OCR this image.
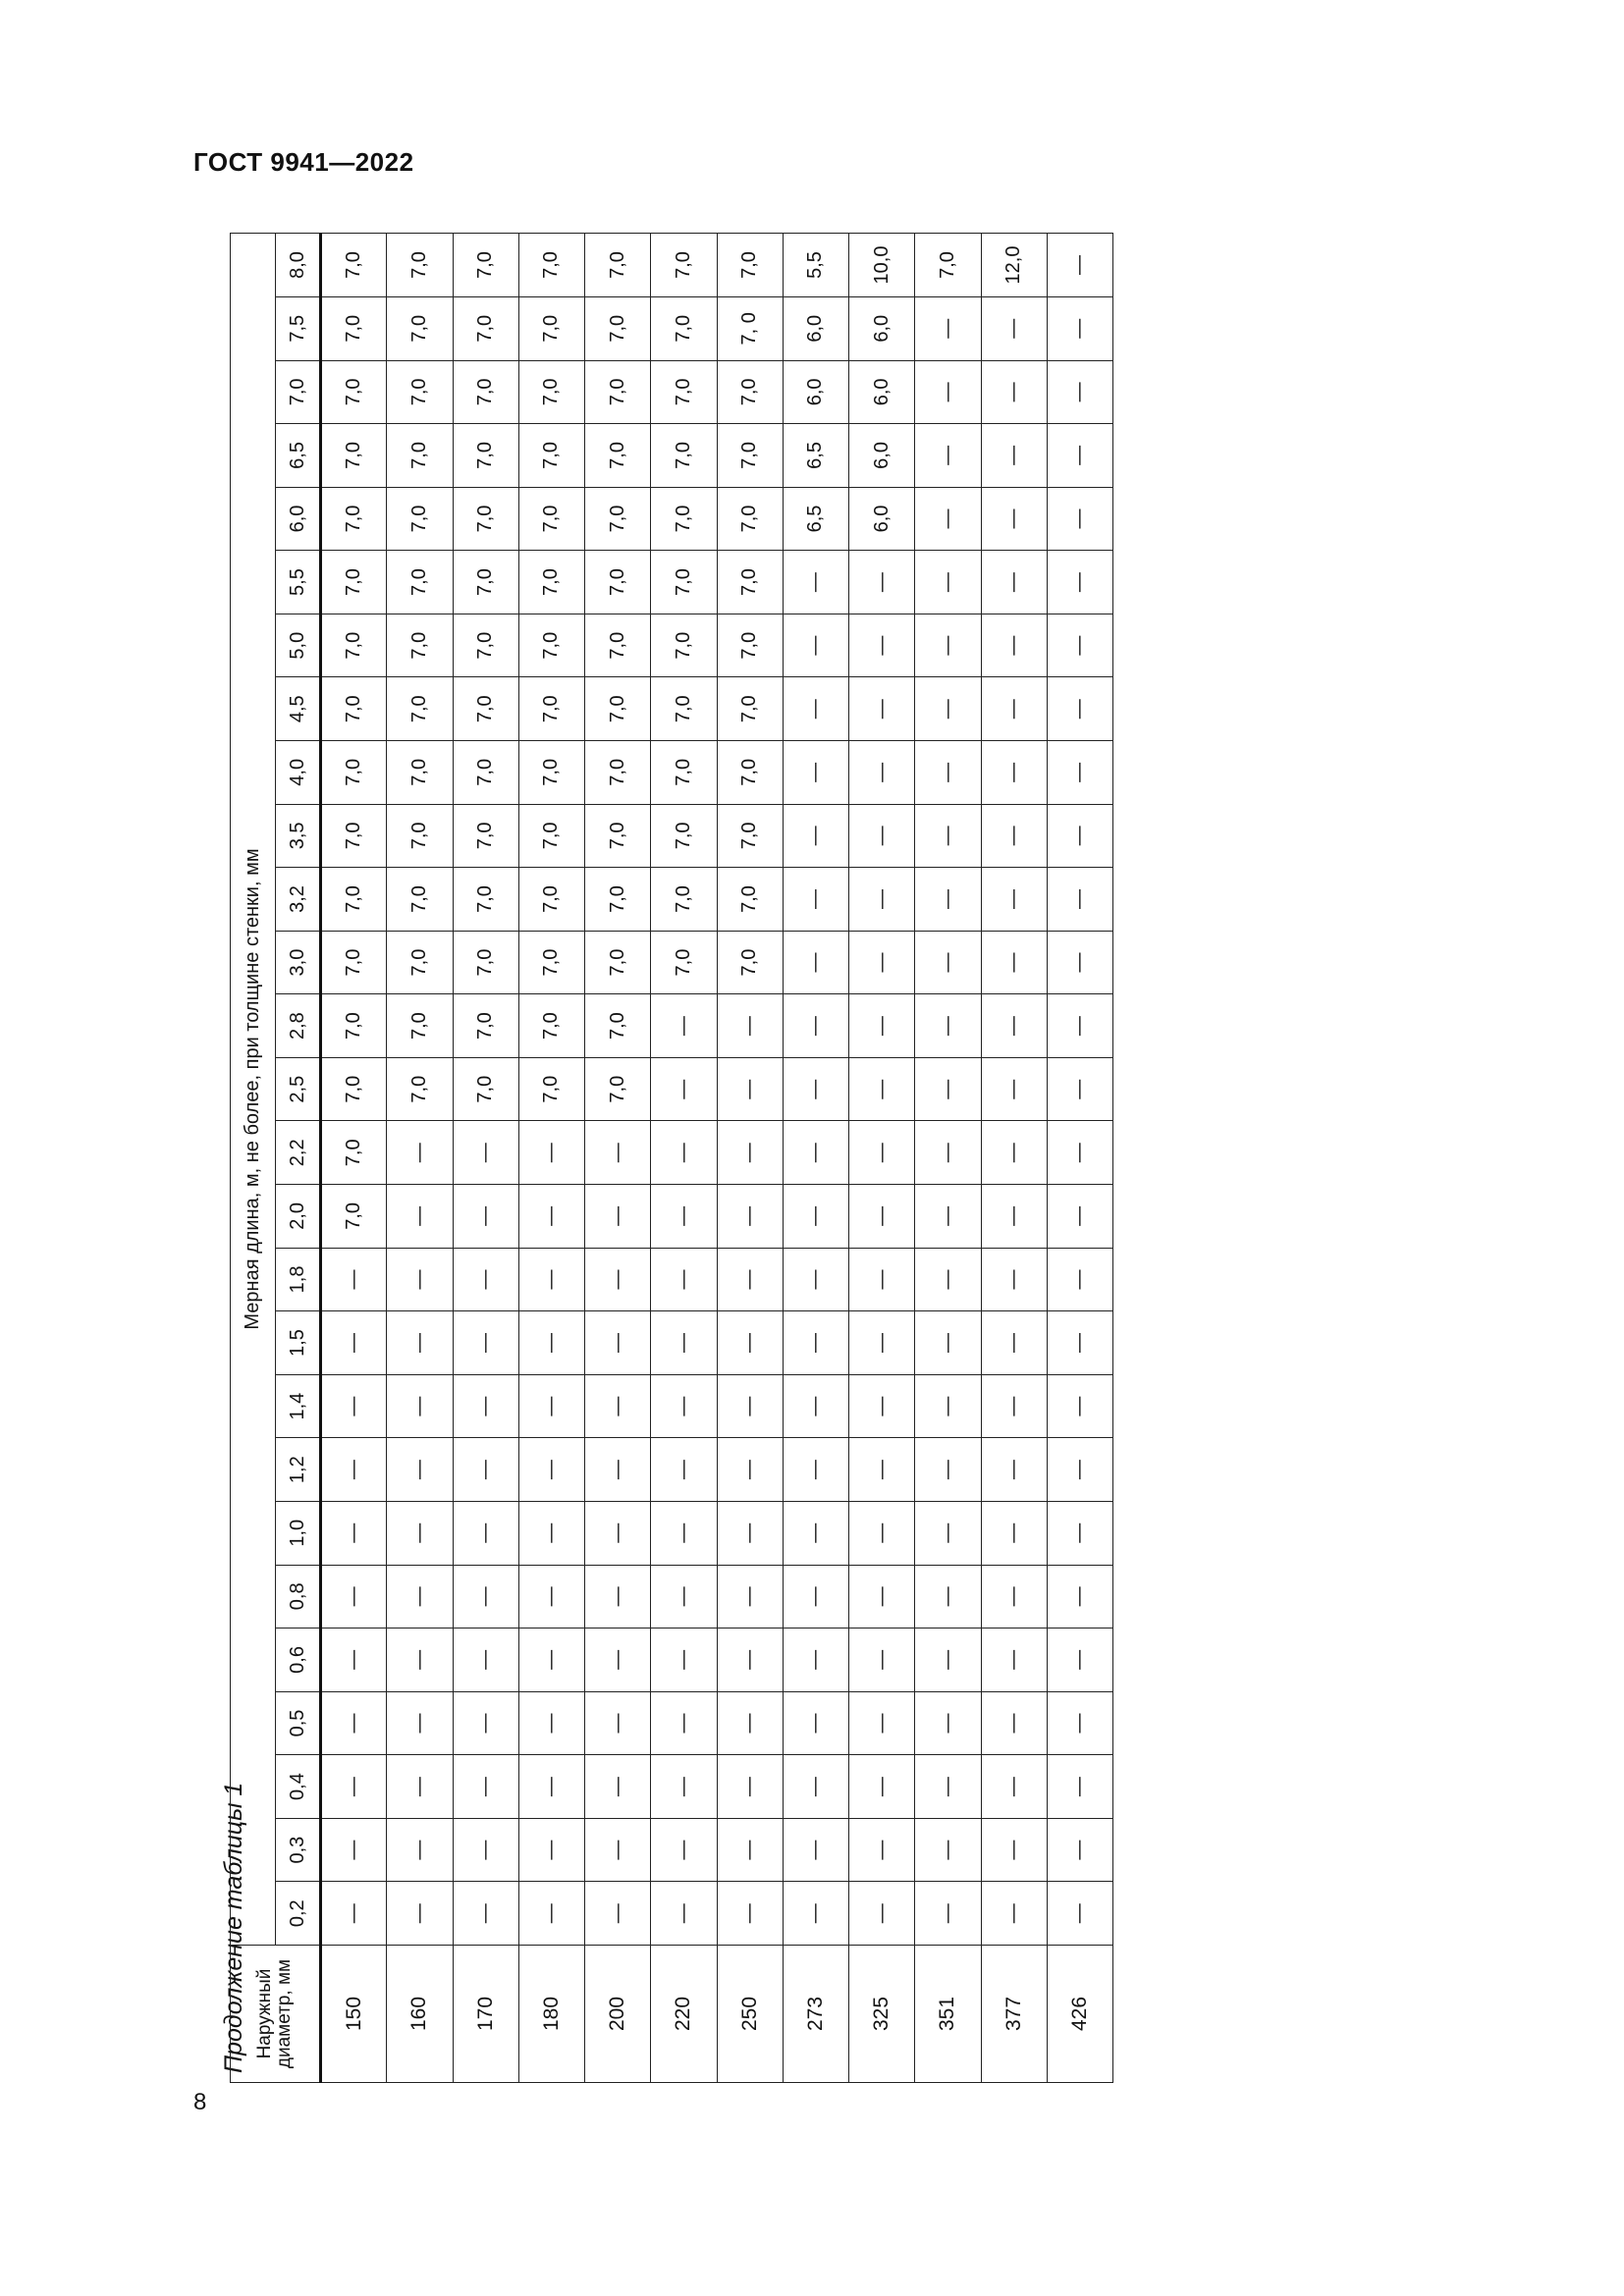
ГОСТ 9941—2022
Продолжение таблицы 1 Наружный диаметр, мм	Мерная длина, м, не более, при толщине стенки, мм																										
	0,2	0,3	0,4	0,5	0,6	0,8	1,0	1,2	1,4	1,5	1,8	2,0	2,2	2,5	2,8	3,0	3,2	3,5	4,0	4,5	5,0	5,5	6,0	6,5	7,0	7,5	8,0
150	—	—	—	—	—	—	—	—	—	—	—	7,0	7,0	7,0	7,0	7,0	7,0	7,0	7,0	7,0	7,0	7,0	7,0	7,0	7,0	7,0	7,0
160	—	—	—	—	—	—	—	—	—	—	—	—	—	7,0	7,0	7,0	7,0	7,0	7,0	7,0	7,0	7,0	7,0	7,0	7,0	7,0	7,0
170	—	—	—	—	—	—	—	—	—	—	—	—	—	7,0	7,0	7,0	7,0	7,0	7,0	7,0	7,0	7,0	7,0	7,0	7,0	7,0	7,0
180	—	—	—	—	—	—	—	—	—	—	—	—	—	7,0	7,0	7,0	7,0	7,0	7,0	7,0	7,0	7,0	7,0	7,0	7,0	7,0	7,0
200	—	—	—	—	—	—	—	—	—	—	—	—	—	7,0	7,0	7,0	7,0	7,0	7,0	7,0	7,0	7,0	7,0	7,0	7,0	7,0	7,0
220	—	—	—	—	—	—	—	—	—	—	—	—	—	—	—	7,0	7,0	7,0	7,0	7,0	7,0	7,0	7,0	7,0	7,0	7,0	7,0
250	—	—	—	—	—	—	—	—	—	—	—	—	—	—	—	7,0	7,0	7,0	7,0	7,0	7,0	7,0	7,0	7,0	7,0	7, 0	7,0
273	—	—	—	—	—	—	—	—	—	—	—	—	—	—	—	—	—	—	—	—	—	—	6,5	6,5	6,0	6,0	5,5
325	—	—	—	—	—	—	—	—	—	—	—	—	—	—	—	—	—	—	—	—	—	—	6,0	6,0	6,0	6,0	10,0
351	—	—	—	—	—	—	—	—	—	—	—	—	—	—	—	—	—	—	—	—	—	—	—	—	—	—	7,0
377	—	—	—	—	—	—	—	—	—	—	—	—	—	—	—	—	—	—	—	—	—	—	—	—	—	—	12,0
426	—	—	—	—	—	—	—	—	—	—	—	—	—	—	—	—	—	—	—	—	—	—	—	—	—	—	—
8
